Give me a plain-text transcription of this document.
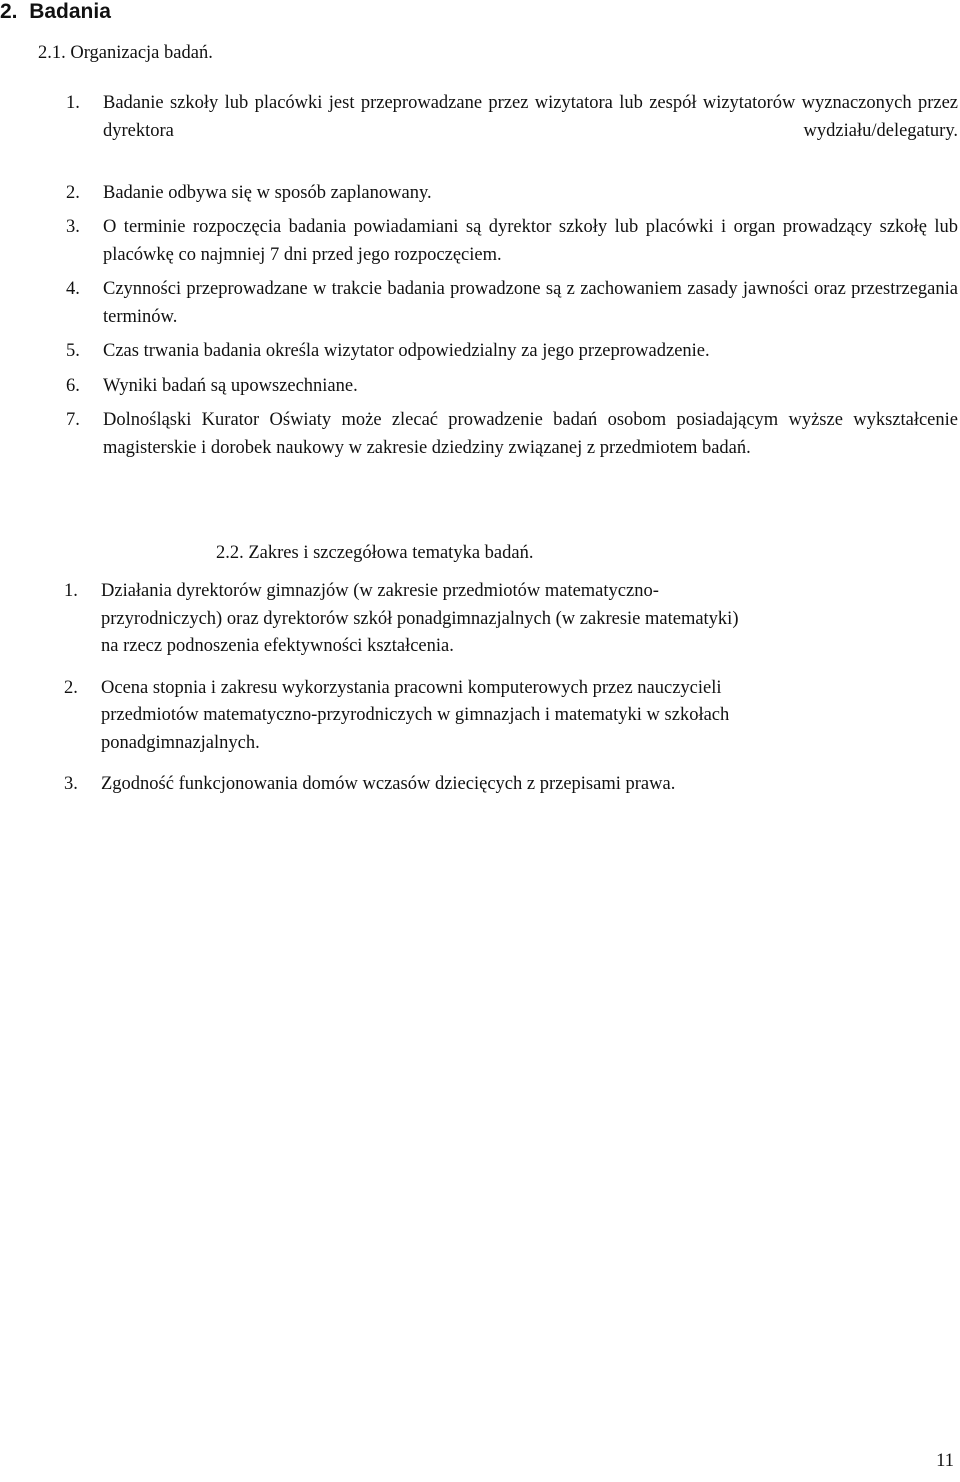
2. Badania

2.1. Organizacja badań.

1. Badanie szkoły lub placówki jest przeprowadzane przez wizytatora lub zespół wizytatorów wyznaczonych przez dyrektora wydziału/delegatury.
2. Badanie odbywa się w sposób zaplanowany.
3. O terminie rozpoczęcia badania powiadamiani są dyrektor szkoły lub placówki i organ prowadzący szkołę lub placówkę co najmniej 7 dni przed jego rozpoczęciem.
4. Czynności przeprowadzane w trakcie badania prowadzone są z zachowaniem zasady jawności oraz przestrzegania terminów.
5. Czas trwania badania określa wizytator odpowiedzialny za jego przeprowadzenie.
6. Wyniki badań są upowszechniane.
7. Dolnośląski Kurator Oświaty może zlecać prowadzenie badań osobom posiadającym wyższe wykształcenie magisterskie i dorobek naukowy w zakresie dziedziny związanej z przedmiotem badań.

2.2. Zakres i szczegółowa tematyka badań.

1. Działania dyrektorów gimnazjów (w zakresie przedmiotów matematyczno-
przyrodniczych) oraz dyrektorów szkół ponadgimnazjalnych (w zakresie matematyki)
na rzecz podnoszenia efektywności kształcenia.
2. Ocena stopnia i zakresu wykorzystania pracowni komputerowych przez nauczycieli
przedmiotów matematyczno-przyrodniczych w gimnazjach i matematyki w szkołach
ponadgimnazjalnych.
3. Zgodność funkcjonowania domów wczasów dziecięcych z przepisami prawa.

11
